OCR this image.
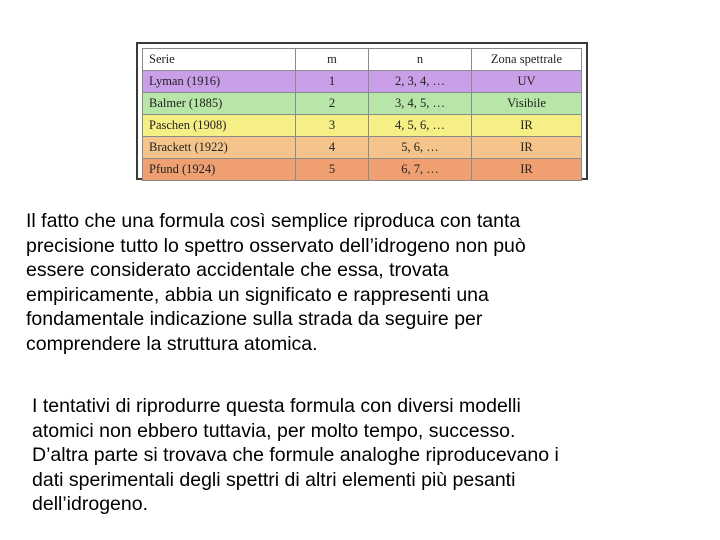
Serie	m	n	Zona spettrale
Lyman (1916)	1	2, 3, 4, …	UV
Balmer (1885)	2	3, 4, 5, …	Visibile
Paschen (1908)	3	4, 5, 6, …	IR
Brackett (1922)	4	5, 6, …	IR
Pfund (1924)	5	6, 7, …	IR

Il fatto che una formula così semplice riproduca con tanta
precisione tutto lo spettro osservato dell’idrogeno non può
essere considerato accidentale che essa, trovata
empiricamente, abbia un significato e rappresenti una
fondamentale indicazione sulla strada da seguire per
comprendere la struttura atomica.

I tentativi di riprodurre questa formula con diversi modelli
atomici non ebbero tuttavia, per molto tempo, successo.
D’altra parte si trovava che formule analoghe riproducevano i
dati sperimentali degli spettri di altri elementi più pesanti
dell’idrogeno.
